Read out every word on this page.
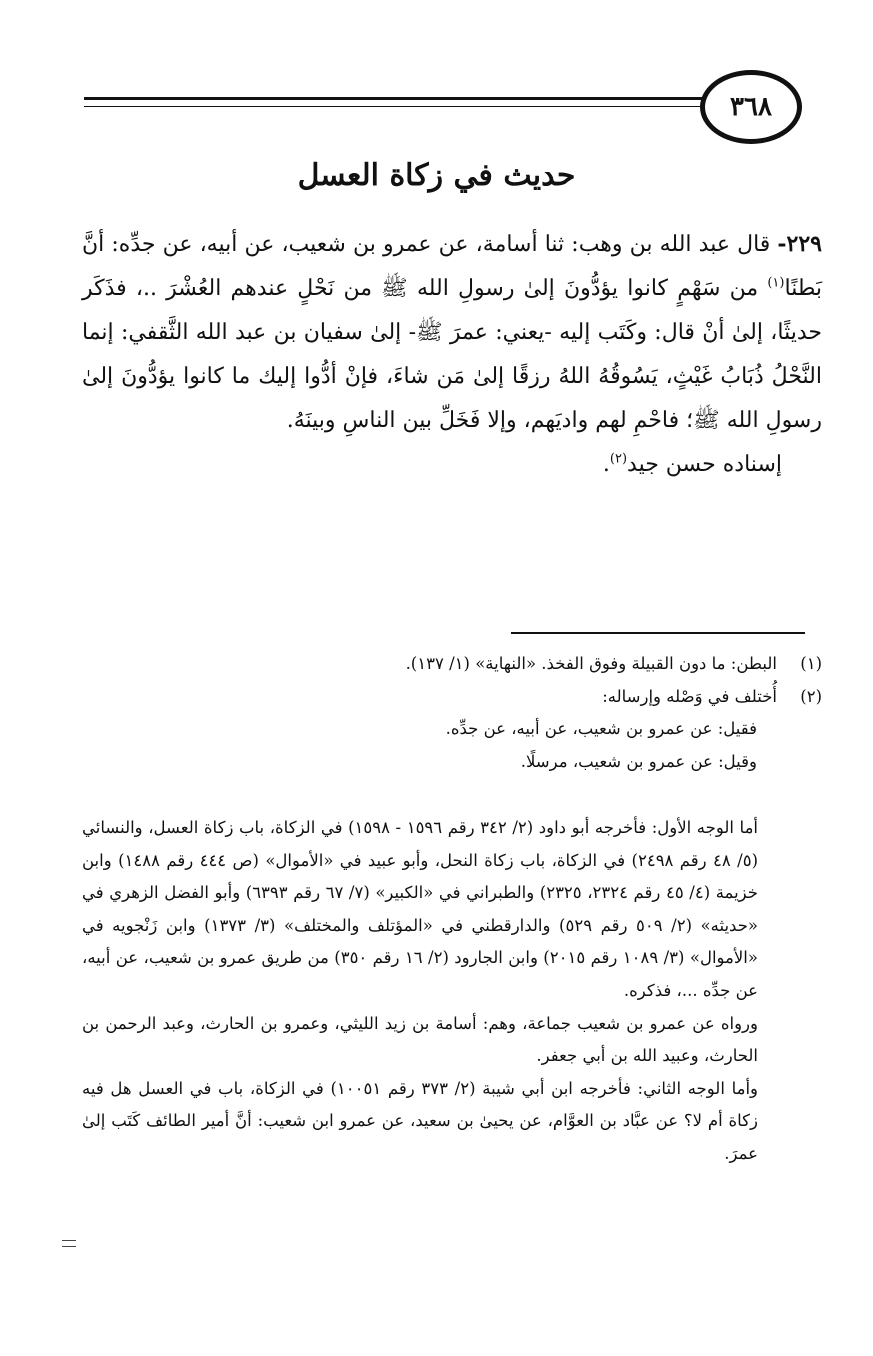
٣٦٨
حديث في زكاة العسل
٢٢٩- قال عبد الله بن وهب: ثنا أسامة، عن عمرو بن شعيب، عن أبيه، عن جدِّه: أنَّ بَطنًا$^{(١)}$ من سَهْمٍ كانوا يؤدُّونَ إلىٰ رسولِ الله ﷺ من نَحْلٍ عندهم العُشْرَ ..، فذَكَر حديثًا، إلىٰ أنْ قال: وكَتَب إليه -يعني: عمرَ ﷺ- إلىٰ سفيان بن عبد الله الثَّقفي: إنما النَّحْلُ ذُبَابُ غَيْثٍ، يَسُوقُهُ اللهُ رزقًا إلىٰ مَن شاءَ، فإنْ أدُّوا إليك ما كانوا يؤدُّونَ إلىٰ رسولِ الله ﷺ؛ فاحْمِ لهم واديَهم، وإلا فَخَلِّ بين الناسِ وبينَهُ.
إسناده حسن جيد$^{(٢)}$.
(١)
البطن: ما دون القبيلة وفوق الفخذ. «النهاية» (١/ ١٣٧).
(٢)
أُختلف في وَصْله وإرساله:
فقيل: عن عمرو بن شعيب، عن أبيه، عن جدِّه.
وقيل: عن عمرو بن شعيب، مرسلًا.
أما الوجه الأول: فأخرجه أبو داود (٢/ ٣٤٢ رقم ١٥٩٦ - ١٥٩٨) في الزكاة، باب زكاة العسل، والنسائي (٥/ ٤٨ رقم ٢٤٩٨) في الزكاة، باب زكاة النحل، وأبو عبيد في «الأموال» (ص ٤٤٤ رقم ١٤٨٨) وابن خزيمة (٤/ ٤٥ رقم ٢٣٢٤، ٢٣٢٥) والطبراني في «الكبير» (٧/ ٦٧ رقم ٦٣٩٣) وأبو الفضل الزهري في «حديثه» (٢/ ٥٠٩ رقم ٥٢٩) والدارقطني في «المؤتلف والمختلف» (٣/ ١٣٧٣) وابن زَنْجويه في «الأموال» (٣/ ١٠٨٩ رقم ٢٠١٥) وابن الجارود (٢/ ١٦ رقم ٣٥٠) من طريق عمرو بن شعيب، عن أبيه، عن جدِّه ...، فذكره.
ورواه عن عمرو بن شعيب جماعة، وهم: أسامة بن زيد الليثي، وعمرو بن الحارث، وعبد الرحمن بن الحارث، وعبيد الله بن أبي جعفر.
وأما الوجه الثاني: فأخرجه ابن أبي شيبة (٢/ ٣٧٣ رقم ١٠٠٥١) في الزكاة، باب في العسل هل فيه زكاة أم لا؟ عن عبَّاد بن العوَّام، عن يحيىٰ بن سعيد، عن عمرو ابن شعيب: أنَّ أمير الطائف كَتَب إلىٰ عمرَ.
